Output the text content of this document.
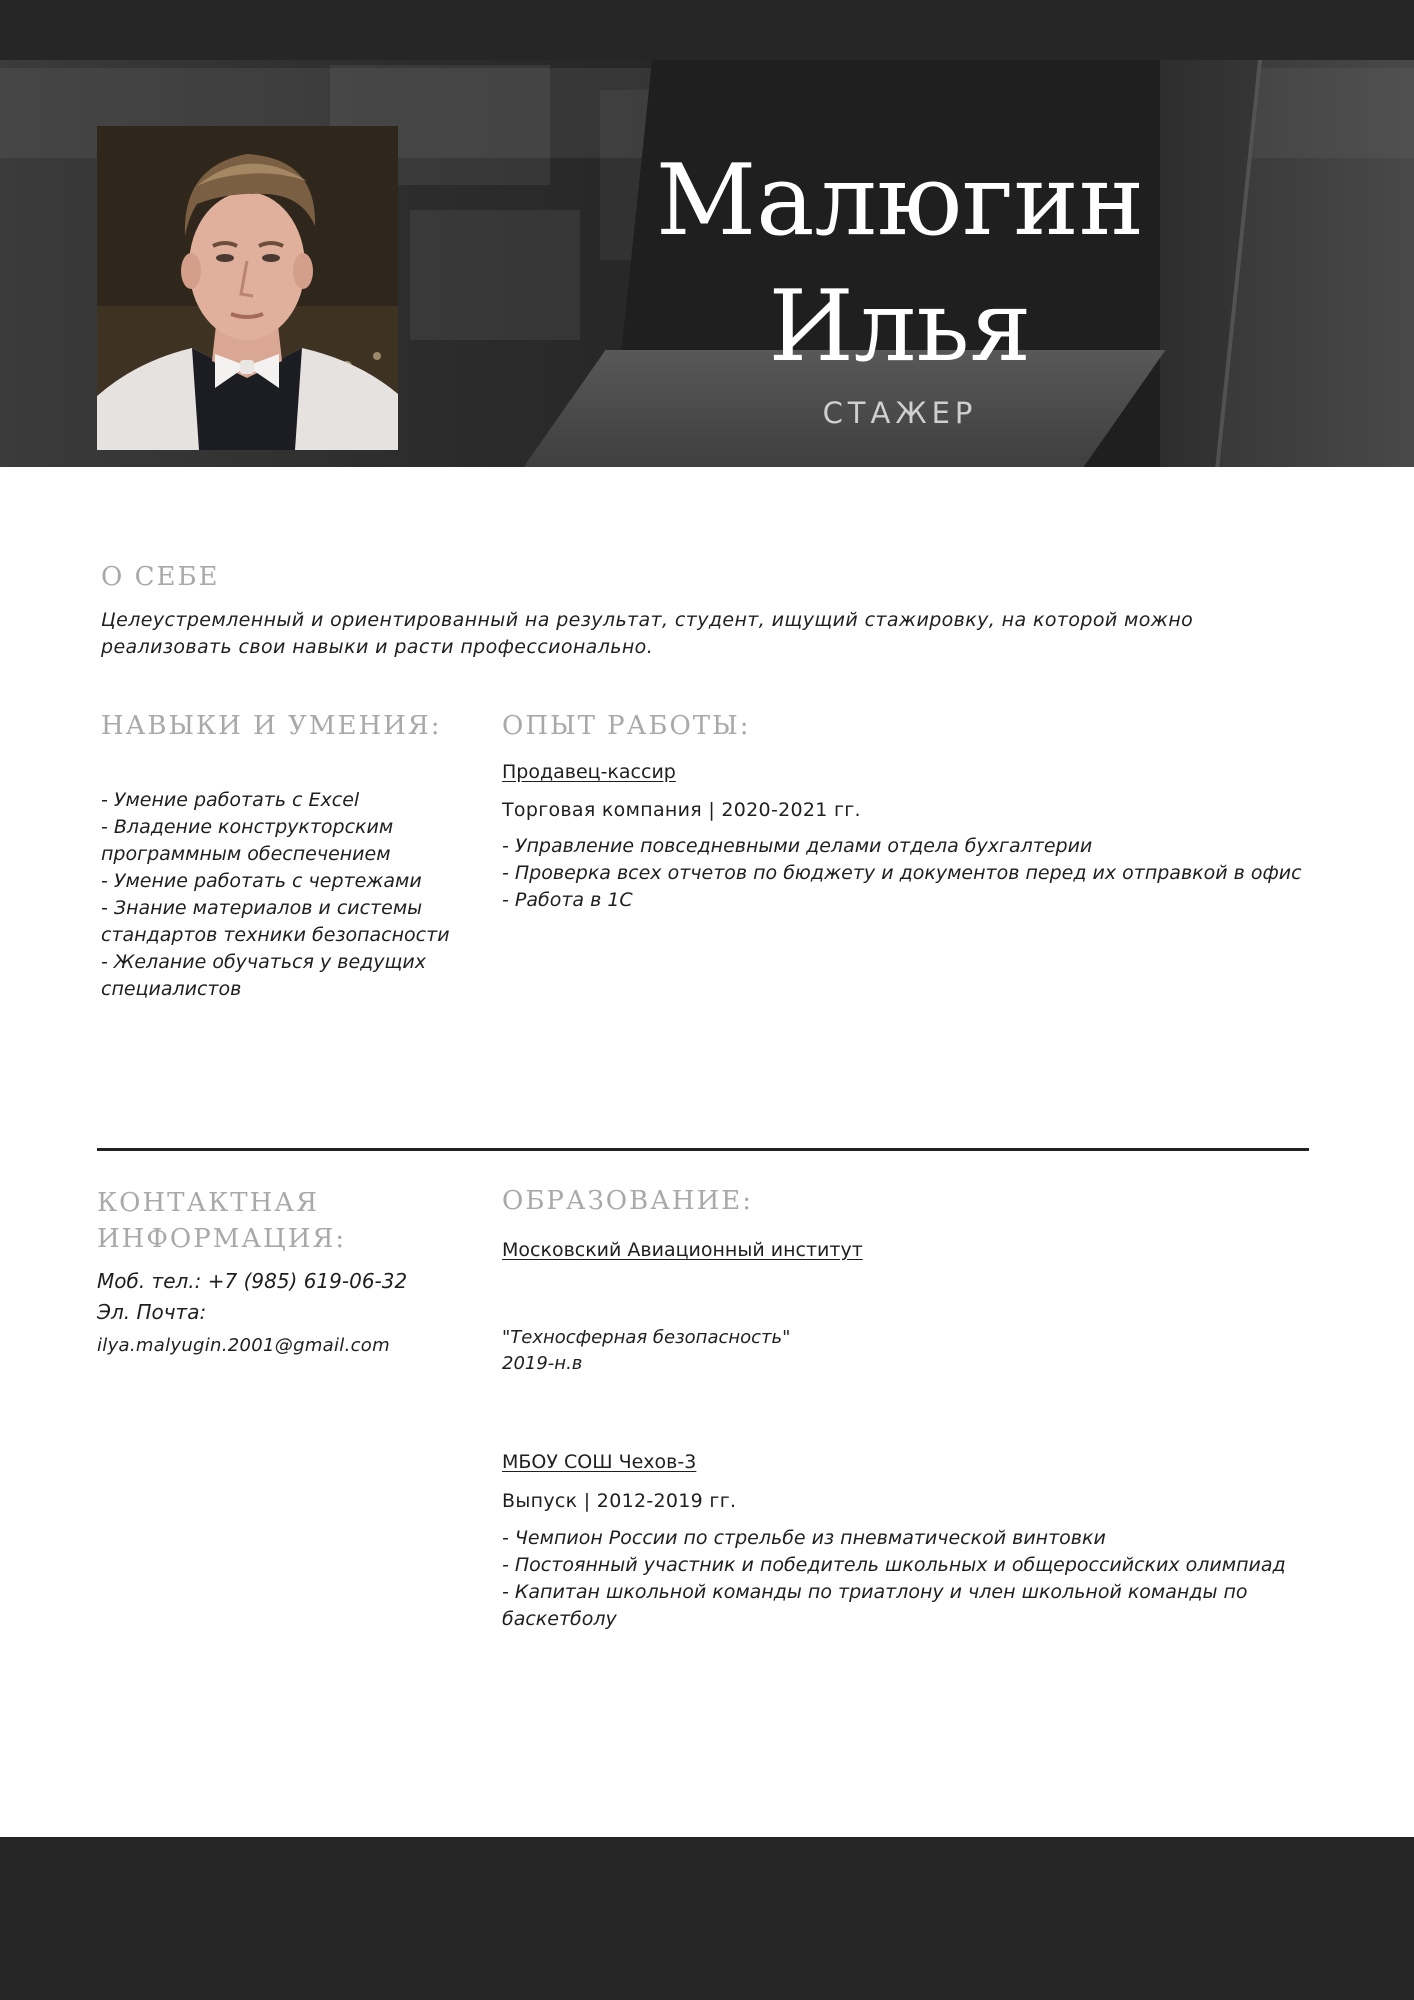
Малюгин
Илья
СТАЖЕР
О СЕБЕ

Целеустремленный и ориентированный на результат, студент, ищущий стажировку, на которой можно реализовать свои навыки и расти профессионально.

НАВЫКИ И УМЕНИЯ:
- Умение работать с Excel
- Владение конструкторским программным обеспечением
- Умение работать с чертежами
- Знание материалов и системы стандартов техники безопасности
- Желание обучаться у ведущих специалистов
ОПЫТ РАБОТЫ:
Продавец-кассир
Торговая компания | 2020-2021 гг.
- Управление повседневными делами отдела бухгалтерии
- Проверка всех отчетов по бюджету и документов перед их отправкой в офис
- Работа в 1С
КОНТАКТНАЯ ИНФОРМАЦИЯ:
Моб. тел.: +7 (985) 619-06-32
Эл. Почта:
ilya.malyugin.2001@gmail.com
ОБРАЗОВАНИЕ:
Московский Авиационный институт
"Техносферная безопасность"
2019-н.в
МБОУ СОШ Чехов-3
Выпуск | 2012-2019 гг.
- Чемпион России по стрельбе из пневматической винтовки
- Постоянный участник и победитель школьных и общероссийских олимпиад
- Капитан школьной команды по триатлону и член школьной команды по баскетболу
